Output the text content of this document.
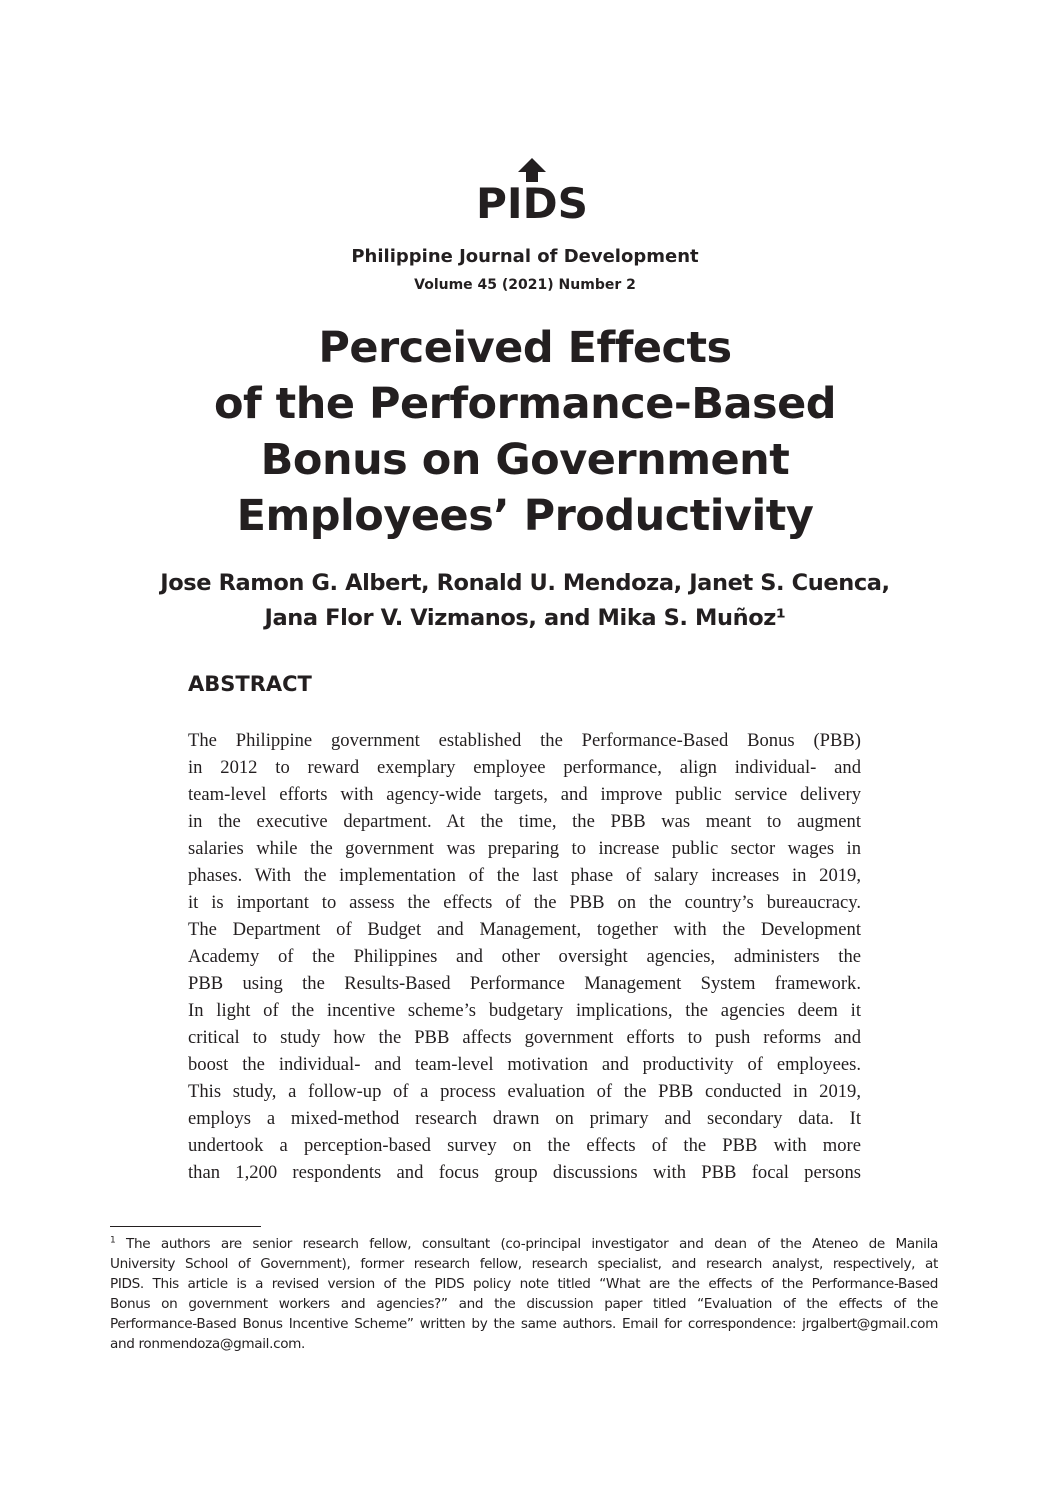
PIDS
Philippine Journal of Development
Volume 45 (2021) Number 2
Perceived Effects
of the Performance-Based
Bonus on Government
Employees’ Productivity
Jose Ramon G. Albert, Ronald U. Mendoza, Janet S. Cuenca,
Jana Flor V. Vizmanos, and Mika S. Muñoz¹
ABSTRACT
The Philippine government established the Performance-Based Bonus (PBB)
in 2012 to reward exemplary employee performance, align individual- and
team-level efforts with agency-wide targets, and improve public service delivery
in the executive department. At the time, the PBB was meant to augment
salaries while the government was preparing to increase public sector wages in
phases. With the implementation of the last phase of salary increases in 2019,
it is important to assess the effects of the PBB on the country’s bureaucracy.
The Department of Budget and Management, together with the Development
Academy of the Philippines and other oversight agencies, administers the
PBB using the Results-Based Performance Management System framework.
In light of the incentive scheme’s budgetary implications, the agencies deem it
critical to study how the PBB affects government efforts to push reforms and
boost the individual- and team-level motivation and productivity of employees.
This study, a follow-up of a process evaluation of the PBB conducted in 2019,
employs a mixed-method research drawn on primary and secondary data. It
undertook a perception-based survey on the effects of the PBB with more
than 1,200 respondents and focus group discussions with PBB focal persons
$^1$ The authors are senior research fellow, consultant (co-principal investigator and dean of the Ateneo de Manila
University School of Government), former research fellow, research specialist, and research analyst, respectively, at
PIDS. This article is a revised version of the PIDS policy note titled “What are the effects of the Performance-Based
Bonus on government workers and agencies?” and the discussion paper titled “Evaluation of the effects of the
Performance-Based Bonus Incentive Scheme” written by the same authors. Email for correspondence: jrgalbert@gmail.com
and ronmendoza@gmail.com.
